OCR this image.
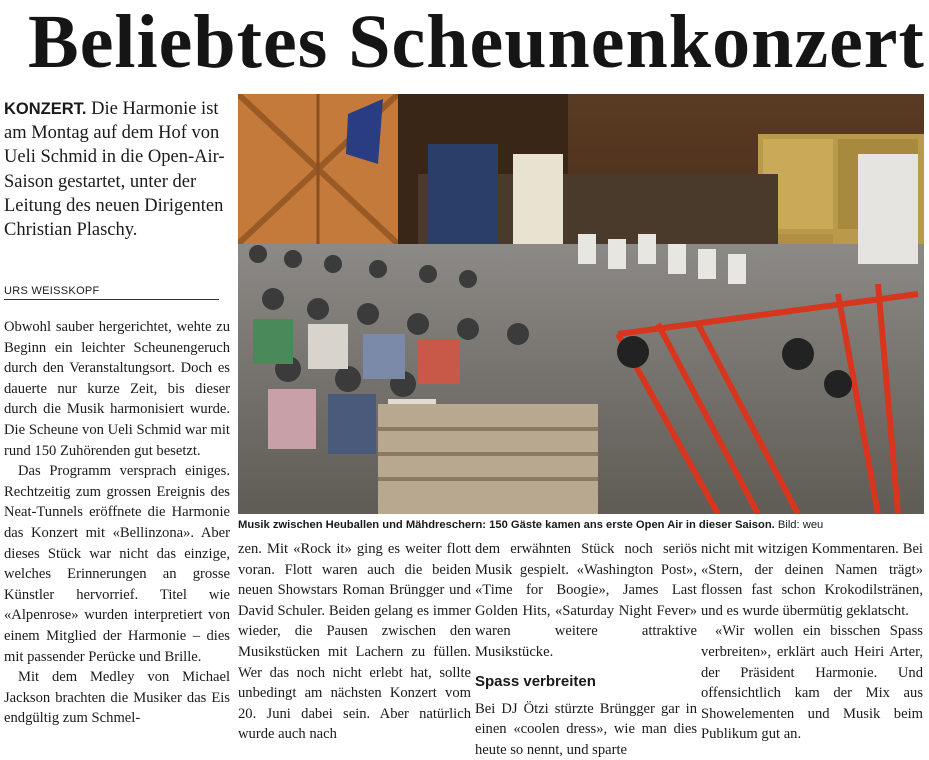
Beliebtes Scheunenkonzert

KONZERT. Die Harmonie ist am Montag auf dem Hof von Ueli Schmid in die Open-Air-Saison gestartet, unter der Leitung des neuen Dirigenten Christian Plaschy.

URS WEISSKOPF

Obwohl sauber hergerichtet, wehte zu Beginn ein leichter Scheunengeruch durch den Veranstaltungsort. Doch es dauerte nur kurze Zeit, bis dieser durch die Musik harmonisiert wurde. Die Scheune von Ueli Schmid war mit rund 150 Zuhörenden gut besetzt.

Das Programm versprach einiges. Rechtzeitig zum grossen Ereignis des Neat-Tunnels eröffnete die Harmonie das Konzert mit «Bellinzona». Aber dieses Stück war nicht das einzige, welches Erinnerungen an grosse Künstler hervorrief. Titel wie «Alpenrose» wurden interpretiert von einem Mitglied der Harmonie – dies mit passender Perücke und Brille.

Mit dem Medley von Michael Jackson brachten die Musiker das Eis endgültig zum Schmel-

Musik zwischen Heuballen und Mähdreschern: 150 Gäste kamen ans erste Open Air in dieser Saison. Bild: weu

zen. Mit «Rock it» ging es weiter flott voran. Flott waren auch die beiden neuen Showstars Roman Brüngger und David Schuler. Beiden gelang es immer wieder, die Pausen zwischen den Musikstücken mit Lachern zu füllen. Wer das noch nicht erlebt hat, sollte unbedingt am nächsten Konzert vom 20. Juni dabei sein. Aber natürlich wurde auch nach

dem erwähnten Stück noch seriös Musik gespielt. «Washington Post», «Time for Boogie», James Last Golden Hits, «Saturday Night Fever» waren weitere attraktive Musikstücke.

Spass verbreiten

Bei DJ Ötzi stürzte Brüngger gar in einen «coolen dress», wie man dies heute so nennt, und sparte

nicht mit witzigen Kommentaren. Bei «Stern, der deinen Namen trägt» flossen fast schon Krokodilstränen, und es wurde übermütig geklatscht.

«Wir wollen ein bisschen Spass verbreiten», erklärt auch Heiri Arter, der Präsident Harmonie. Und offensichtlich kam der Mix aus Showelementen und Musik beim Publikum gut an.
